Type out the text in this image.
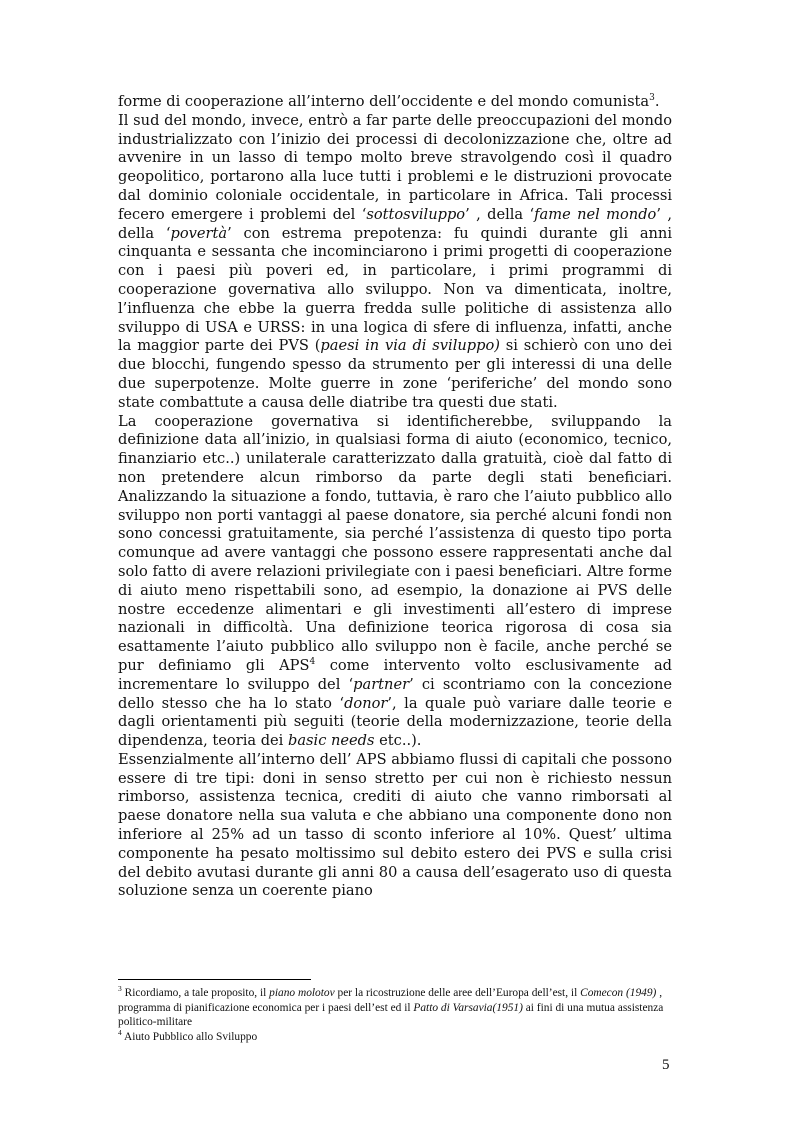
forme di cooperazione all’interno dell’occidente e del mondo comunista$^3$.

Il sud del mondo, invece, entrò a far parte delle preoccupazioni del mondo industrializzato con l’inizio dei processi di decolonizzazione che, oltre ad avvenire in un lasso di tempo molto breve stravolgendo così il quadro geopolitico, portarono alla luce tutti i problemi e le distruzioni provocate dal dominio coloniale occidentale, in particolare in Africa. Tali processi fecero emergere i problemi del ‘sottosviluppo’ , della ‘fame nel mondo’ , della ‘povertà’ con estrema prepotenza: fu quindi durante gli anni cinquanta e sessanta che incominciarono i primi progetti di cooperazione con i paesi più poveri ed, in particolare, i primi programmi di cooperazione governativa allo sviluppo. Non va dimenticata, inoltre, l’influenza che ebbe la guerra fredda sulle politiche di assistenza allo sviluppo di USA e URSS: in una logica di sfere di influenza, infatti, anche la maggior parte dei PVS (paesi in via di sviluppo) si schierò con uno dei due blocchi, fungendo spesso da strumento per gli interessi di una delle due superpotenze. Molte guerre in zone ‘periferiche’ del mondo sono state combattute a causa delle diatribe tra questi due stati.

La cooperazione governativa si identificherebbe, sviluppando la definizione data all’inizio, in qualsiasi forma di aiuto (economico, tecnico, finanziario etc..) unilaterale caratterizzato dalla gratuità, cioè dal fatto di non pretendere alcun rimborso da parte degli stati beneficiari. Analizzando la situazione a fondo, tuttavia, è raro che l’aiuto pubblico allo sviluppo non porti vantaggi al paese donatore, sia perché alcuni fondi non sono concessi gratuitamente, sia perché l’assistenza di questo tipo porta comunque ad avere vantaggi che possono essere rappresentati anche dal solo fatto di avere relazioni privilegiate con i paesi beneficiari. Altre forme di aiuto meno rispettabili sono, ad esempio, la donazione ai PVS delle nostre eccedenze alimentari e gli investimenti all’estero di imprese nazionali in difficoltà. Una definizione teorica rigorosa di cosa sia esattamente l’aiuto pubblico allo sviluppo non è facile, anche perché se pur definiamo gli APS$^4$ come intervento volto esclusivamente ad incrementare lo sviluppo del ‘partner’ ci scontriamo con la concezione dello stesso che ha lo stato ‘donor’, la quale può variare dalle teorie e dagli orientamenti più seguiti (teorie della modernizzazione, teorie della dipendenza, teoria dei basic needs etc..).

Essenzialmente all’interno dell’ APS abbiamo flussi di capitali che possono essere di tre tipi: doni in senso stretto per cui non è richiesto nessun rimborso, assistenza tecnica, crediti di aiuto che vanno rimborsati al paese donatore nella sua valuta e che abbiano una componente dono non inferiore al 25% ad un tasso di sconto inferiore al 10%. Quest’ ultima componente ha pesato moltissimo sul debito estero dei PVS e sulla crisi del debito avutasi durante gli anni 80 a causa dell’esagerato uso di questa soluzione senza un coerente piano

$^3$ Ricordiamo, a tale proposito, il piano molotov per la ricostruzione delle aree dell’Europa dell’est, il Comecon (1949) , programma di pianificazione economica per i paesi dell’est ed il Patto di Varsavia(1951) ai fini di una mutua assistenza politico-militare

$^4$ Aiuto Pubblico allo Sviluppo

5
